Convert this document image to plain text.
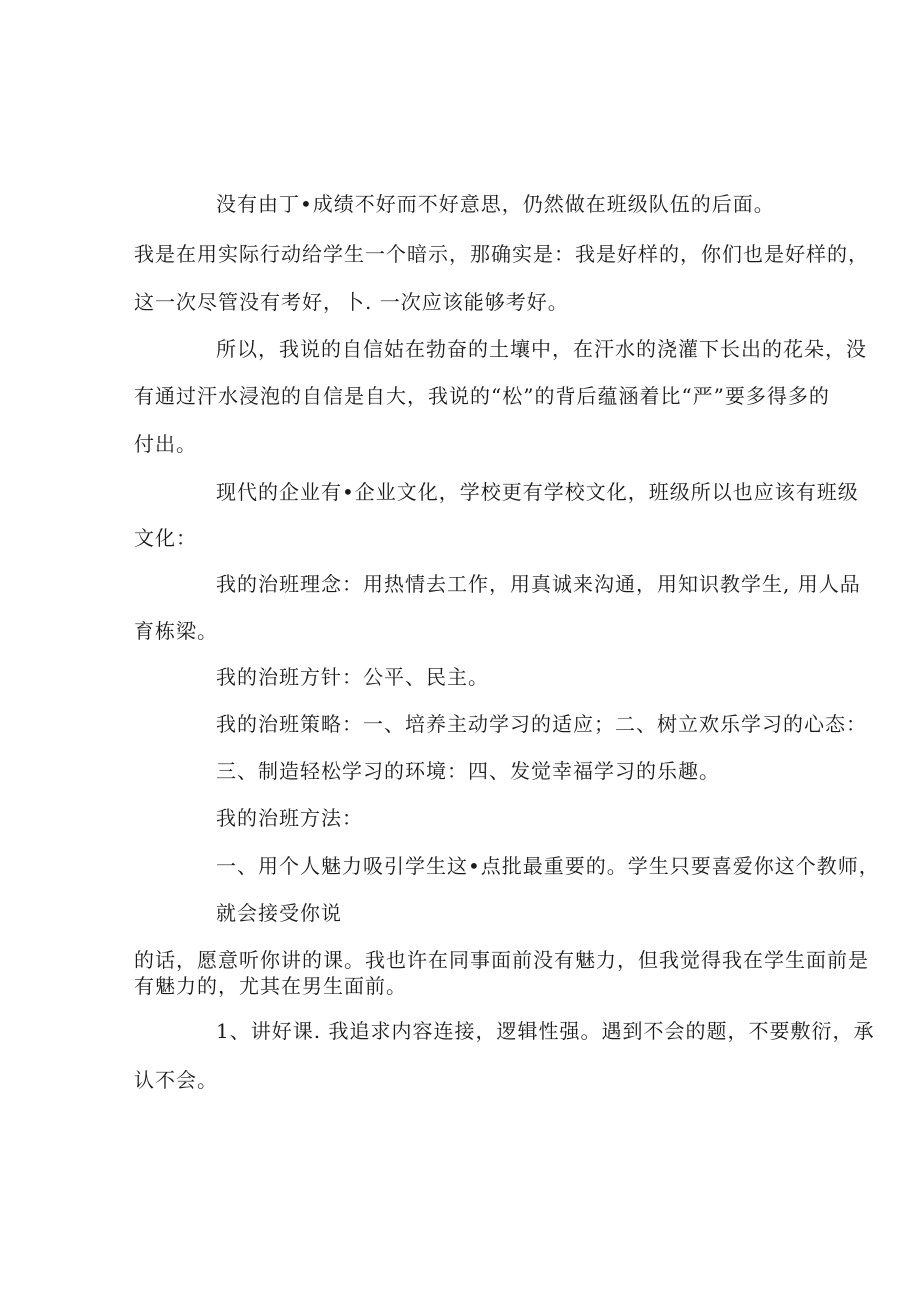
没有由丁•成绩不好而不好意思，仍然做在班级队伍的后面。
我是在用实际行动给学生一个暗示，那确实是：我是好样的，你们也是好样的，
这一次尽管没有考好，卜. 一次应该能够考好。
所以，我说的自信姑在勃奋的土壤中，在汗水的浇灌下长出的花朵，没
有通过汗水浸泡的自信是自大，我说的“松”的背后蕴涵着比“严”要多得多的
付出。
现代的企业有•企业文化，学校更有学校文化，班级所以也应该有班级
文化：
我的治班理念：用热情去工作，用真诚来沟通，用知识教学生, 用人品
育栋梁。
我的治班方针：公平、民主。
我的治班策略：一、培养主动学习的适应；二、树立欢乐学习的心态：
三、制造轻松学习的环境：四、发觉幸福学习的乐趣。
我的治班方法：
一、用个人魅力吸引学生这•点批最重要的。学生只要喜爱你这个教师，
就会接受你说
的话，愿意听你讲的课。我也许在同事面前没有魅力，但我觉得我在学生面前是
有魅力的，尤其在男生面前。
1、讲好课. 我追求内容连接，逻辑性强。遇到不会的题，不要敷衍，承
认不会。
